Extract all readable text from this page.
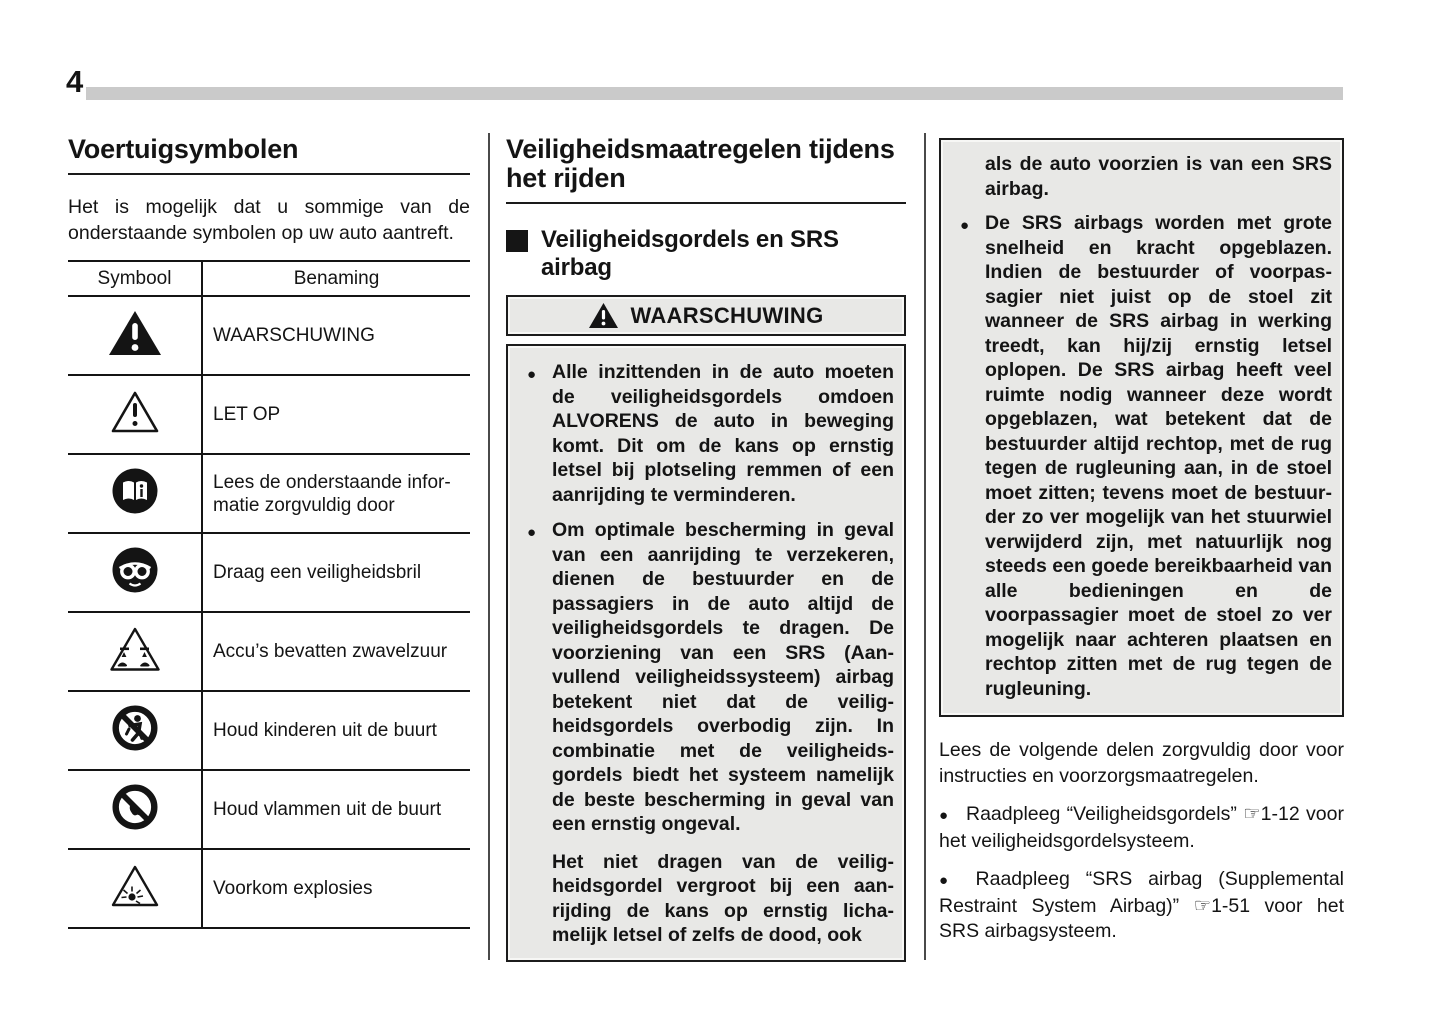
4
Voertuigsymbolen

Het is mogelijk dat u sommige van de onderstaande symbolen op uw auto aantreft.

Symbool	Benaming
	WAARSCHUWING
	LET OP
	Lees de onderstaande informatie zorgvuldig door
	Draag een veiligheidsbril
	Accu’s bevatten zwavelzuur
	Houd kinderen uit de buurt
	Houd vlammen uit de buurt
	Voorkom explosies
Veiligheidsmaatregelen tijdens het rijden
Veiligheidsgordels en SRS airbag
WAARSCHUWING

● Alle inzittenden in de auto moeten de veiligheidsgordels omdoen ALVORENS de auto in beweging komt. Dit om de kans op ernstig letsel bij plotseling remmen of een aanrijding te verminderen.

● Om optimale bescherming in geval van een aanrijding te verzekeren, dienen de bestuurder en de passagiers in de auto altijd de veiligheidsgordels te dragen. De voorziening van een SRS (Aanvullend veiligheidssysteem) airbag betekent niet dat de veiligheidsgordels overbodig zijn. In combinatie met de veiligheidsgordels biedt het systeem namelijk de beste bescherming in geval van een ernstig ongeval.

Het niet dragen van de veiligheidsgordel vergroot bij een aanrijding de kans op ernstig lichamelijk letsel of zelfs de dood, ook

als de auto voorzien is van een SRS airbag.

● De SRS airbags worden met grote snelheid en kracht opgeblazen. Indien de bestuurder of voorpassagier niet juist op de stoel zit wanneer de SRS airbag in werking treedt, kan hij/zij ernstig letsel oplopen. De SRS airbag heeft veel ruimte nodig wanneer deze wordt opgeblazen, wat betekent dat de bestuurder altijd rechtop, met de rug tegen de rugleuning aan, in de stoel moet zitten; tevens moet de bestuurder zo ver mogelijk van het stuurwiel verwijderd zijn, met natuurlijk nog steeds een goede bereikbaarheid van alle bedieningen en de voorpassagier moet de stoel zo ver mogelijk naar achteren plaatsen en rechtop zitten met de rug tegen de rugleuning.

Lees de volgende delen zorgvuldig door voor instructies en voorzorgsmaatregelen.

● Raadpleeg “Veiligheidsgordels” ☞1-12 voor het veiligheidsgordelsysteem.

● Raadpleeg “SRS airbag (Supplemental Restraint System Airbag)” ☞1-51 voor het SRS airbagsysteem.
